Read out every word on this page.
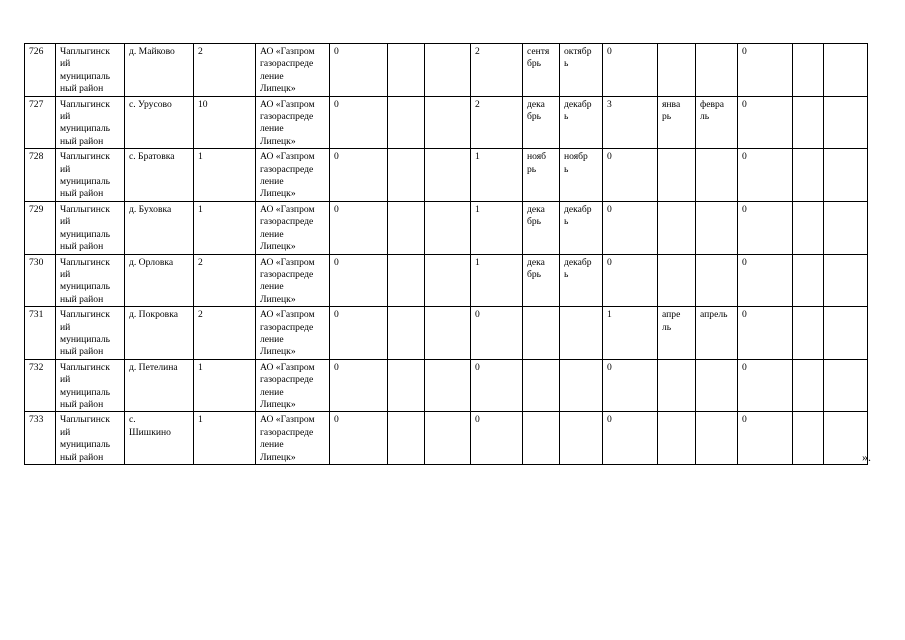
726	Чаплыгинск
ий
муниципаль
ный район	д. Майково	2	АО «Газпром
газораспреде
ление
Липецк»	0			2	сентя
брь	октябр
ь	0			0		
727	Чаплыгинск
ий
муниципаль
ный район	с. Урусово	10	АО «Газпром
газораспреде
ление
Липецк»	0			2	дека
брь	декабр
ь	3	янва
рь	февра
ль	0		
728	Чаплыгинск
ий
муниципаль
ный район	с. Братовка	1	АО «Газпром
газораспреде
ление
Липецк»	0			1	нояб
рь	ноябр
ь	0			0		
729	Чаплыгинск
ий
муниципаль
ный район	д. Буховка	1	АО «Газпром
газораспреде
ление
Липецк»	0			1	дека
брь	декабр
ь	0			0		
730	Чаплыгинск
ий
муниципаль
ный район	д. Орловка	2	АО «Газпром
газораспреде
ление
Липецк»	0			1	дека
брь	декабр
ь	0			0		
731	Чаплыгинск
ий
муниципаль
ный район	д. Покровка	2	АО «Газпром
газораспреде
ление
Липецк»	0			0			1	апре
ль	апрель	0		
732	Чаплыгинск
ий
муниципаль
ный район	д. Петелина	1	АО «Газпром
газораспреде
ление
Липецк»	0			0			0			0		
733	Чаплыгинск
ий
муниципаль
ный район	с.
Шишкино	1	АО «Газпром
газораспреде
ление
Липецк»	0			0			0			0		
».
